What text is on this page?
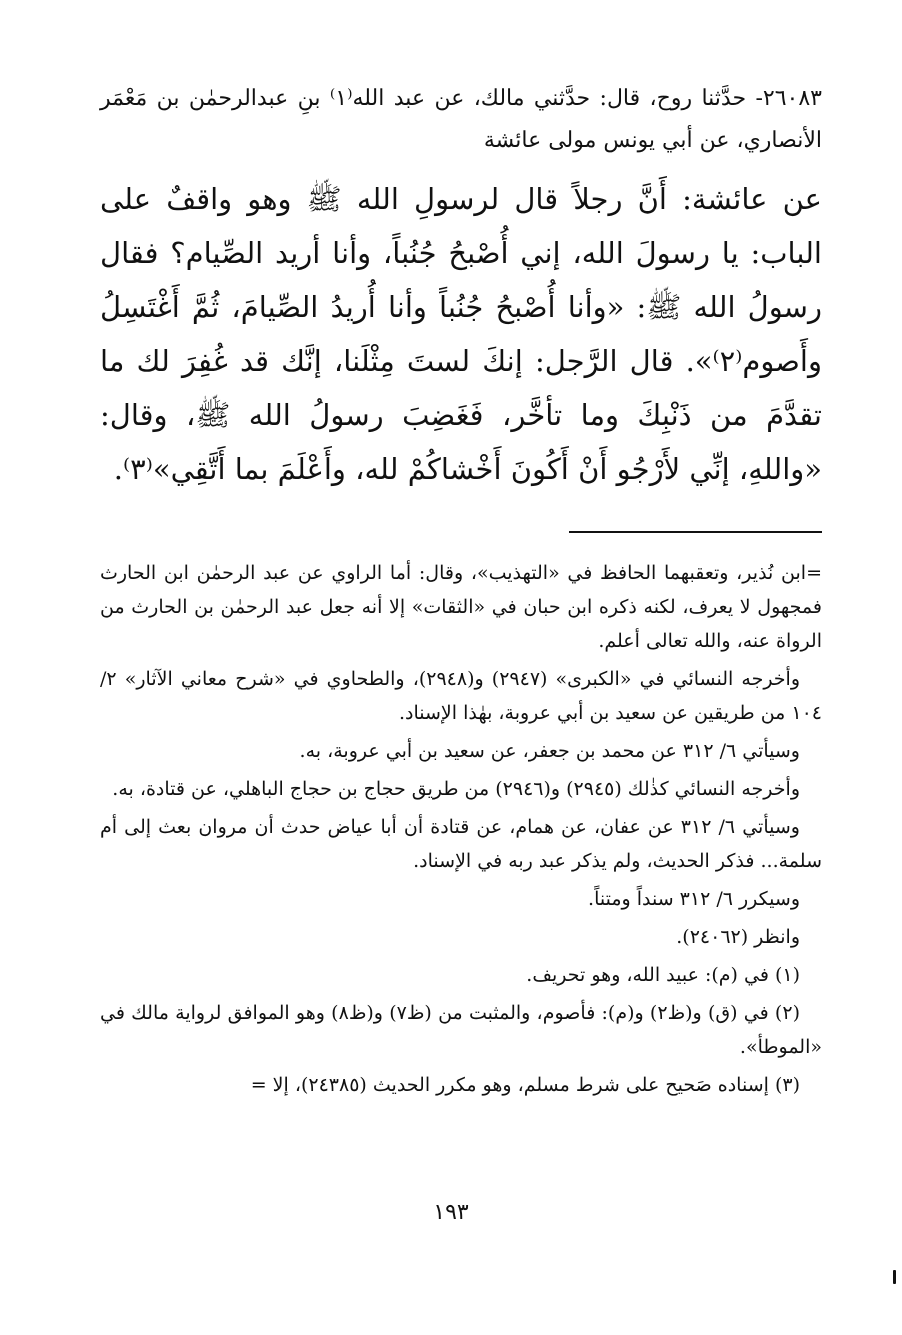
٢٦٠٨٣- حدَّثنا روح، قال: حدَّثني مالك، عن عبد الله⁽١⁾ بنِ عبدالرحمٰن بن مَعْمَر الأنصاري، عن أبي يونس مولى عائشة

عن عائشة: أَنَّ رجلاً قال لرسولِ الله ﷺ وهو واقفٌ على الباب: يا رسولَ الله، إني أُصْبحُ جُنُباً، وأنا أريد الصِّيام؟ فقال رسولُ الله ﷺ: «وأنا أُصْبحُ جُنُباً وأنا أُريدُ الصِّيامَ، ثُمَّ أَغْتَسِلُ وأَصوم⁽٢⁾». قال الرَّجل: إنكَ لستَ مِثْلَنا، إنَّك قد غُفِرَ لك ما تقدَّمَ من ذَنْبِكَ وما تأخَّر، فَغَضِبَ رسولُ الله ﷺ، وقال: «واللهِ، إنِّي لأَرْجُو أَنْ أَكُونَ أَخْشاكُمْ لله، وأَعْلَمَ بما أَتَّقِي»⁽٣⁾.

=ابن نُذير، وتعقبهما الحافظ في «التهذيب»، وقال: أما الراوي عن عبد الرحمٰن ابن الحارث فمجهول لا يعرف، لكنه ذكره ابن حبان في «الثقات» إلا أنه جعل عبد الرحمٰن بن الحارث من الرواة عنه، والله تعالى أعلم.

وأخرجه النسائي في «الكبرى» (٢٩٤٧) و(٢٩٤٨)، والطحاوي في «شرح معاني الآثار» ٢/ ١٠٤ من طريقين عن سعيد بن أبي عروبة، بهٰذا الإسناد.

وسيأتي ٦/ ٣١٢ عن محمد بن جعفر، عن سعيد بن أبي عروبة، به.

وأخرجه النسائي كذٰلك (٢٩٤٥) و(٢٩٤٦) من طريق حجاج بن حجاج الباهلي، عن قتادة، به.

وسيأتي ٦/ ٣١٢ عن عفان، عن همام، عن قتادة أن أبا عياض حدث أن مروان بعث إلى أم سلمة... فذكر الحديث، ولم يذكر عبد ربه في الإسناد.

وسيكرر ٦/ ٣١٢ سنداً ومتناً.

وانظر (٢٤٠٦٢).

(١) في (م): عبيد الله، وهو تحريف.

(٢) في (ق) و(ظ٢) و(م): فأصوم، والمثبت من (ظ٧) و(ظ٨) وهو الموافق لرواية مالك في «الموطأ».

(٣) إسناده صَحيح على شرط مسلم، وهو مكرر الحديث (٢٤٣٨٥)، إلا =

١٩٣
